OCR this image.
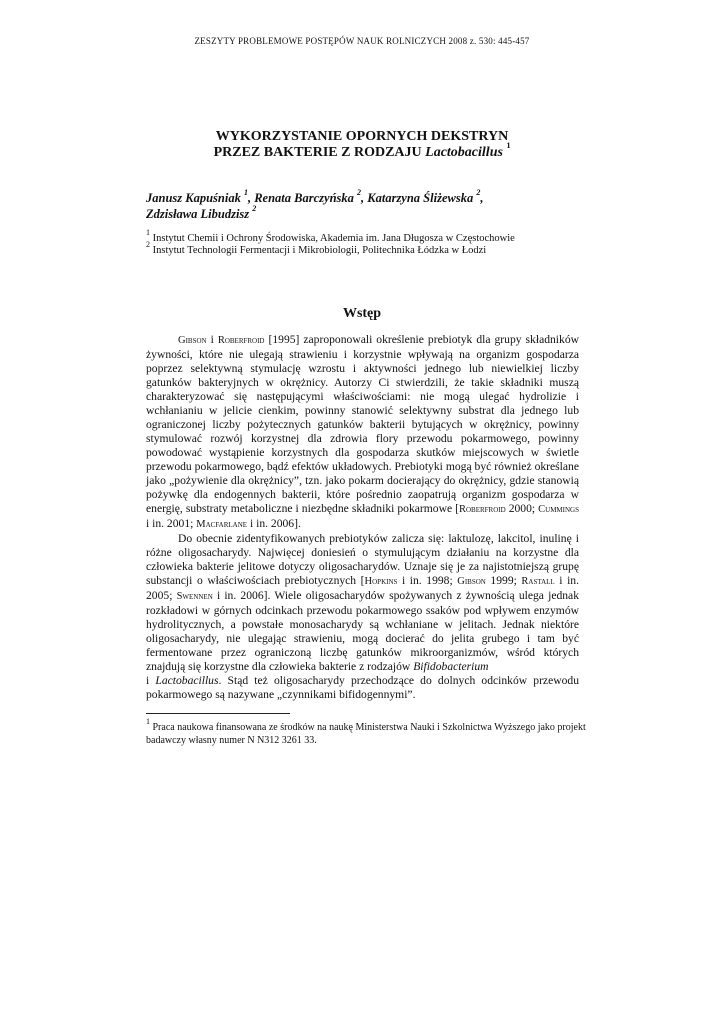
ZESZYTY PROBLEMOWE POSTĘPÓW NAUK ROLNICZYCH 2008 z. 530: 445-457
WYKORZYSTANIE OPORNYCH DEKSTRYN
PRZEZ BAKTERIE Z RODZAJU Lactobacillus $^1$
Janusz Kapuśniak $^1$, Renata Barczyńska $^2$, Katarzyna Śliżewska $^2$,
Zdzisława Libudzisz $^2$
$^1$ Instytut Chemii i Ochrony Środowiska, Akademia im. Jana Długosza w Częstochowie
$^2$ Instytut Technologii Fermentacji i Mikrobiologii, Politechnika Łódzka w Łodzi
Wstęp

Gibson i Roberfroid [1995] zaproponowali określenie prebiotyk dla grupy składników żywności, które nie ulegają strawieniu i korzystnie wpływają na organizm gospodarza poprzez selektywną stymulację wzrostu i aktywności jednego lub niewielkiej liczby gatunków bakteryjnych w okrężnicy. Autorzy Ci stwierdzili, że takie składniki muszą charakteryzować się następującymi właściwościami: nie mogą ulegać hydrolizie i wchłanianiu w jelicie cienkim, powinny stanowić selektywny substrat dla jednego lub ograniczonej liczby pożytecznych gatunków bakterii bytujących w okrężnicy, powinny stymulować rozwój korzystnej dla zdrowia flory przewodu pokarmowego, powinny powodować wystąpienie korzystnych dla gospodarza skutków miejscowych w świetle przewodu pokarmowego, bądź efektów układowych. Prebiotyki mogą być również określane jako „pożywienie dla okrężnicy”, tzn. jako pokarm docierający do okrężnicy, gdzie stanowią pożywkę dla endogennych bakterii, które pośrednio zaopatrują organizm gospodarza w energię, substraty metaboliczne i niezbędne składniki pokarmowe [Roberfroid 2000; Cummings i in. 2001; Macfarlane i in. 2006].

Do obecnie zidentyfikowanych prebiotyków zalicza się: laktulozę, lakcitol, inulinę i różne oligosacharydy. Najwięcej doniesień o stymulującym działaniu na korzystne dla człowieka bakterie jelitowe dotyczy oligosacharydów. Uznaje się je za najistotniejszą grupę substancji o właściwościach prebiotycznych [Hopkins i in. 1998; Gibson 1999; Rastall i in. 2005; Swennen i in. 2006]. Wiele oligosacharydów spożywanych z żywnością ulega jednak rozkładowi w górnych odcinkach przewodu pokarmowego ssaków pod wpływem enzymów hydrolitycznych, a powstałe monosacharydy są wchłaniane w jelitach. Jednak niektóre oligosacharydy, nie ulegając strawieniu, mogą docierać do jelita grubego i tam być fermentowane przez ograniczoną liczbę gatunków mikroorganizmów, wśród których znajdują się korzystne dla człowieka bakterie z rodzajów Bifidobacterium
i Lactobacillus. Stąd też oligosacharydy przechodzące do dolnych odcinków przewodu pokarmowego są nazywane „czynnikami bifidogennymi”.

$^1$ Praca naukowa finansowana ze środków na naukę Ministerstwa Nauki i Szkolnictwa Wyższego jako projekt badawczy własny numer N N312 3261 33.
